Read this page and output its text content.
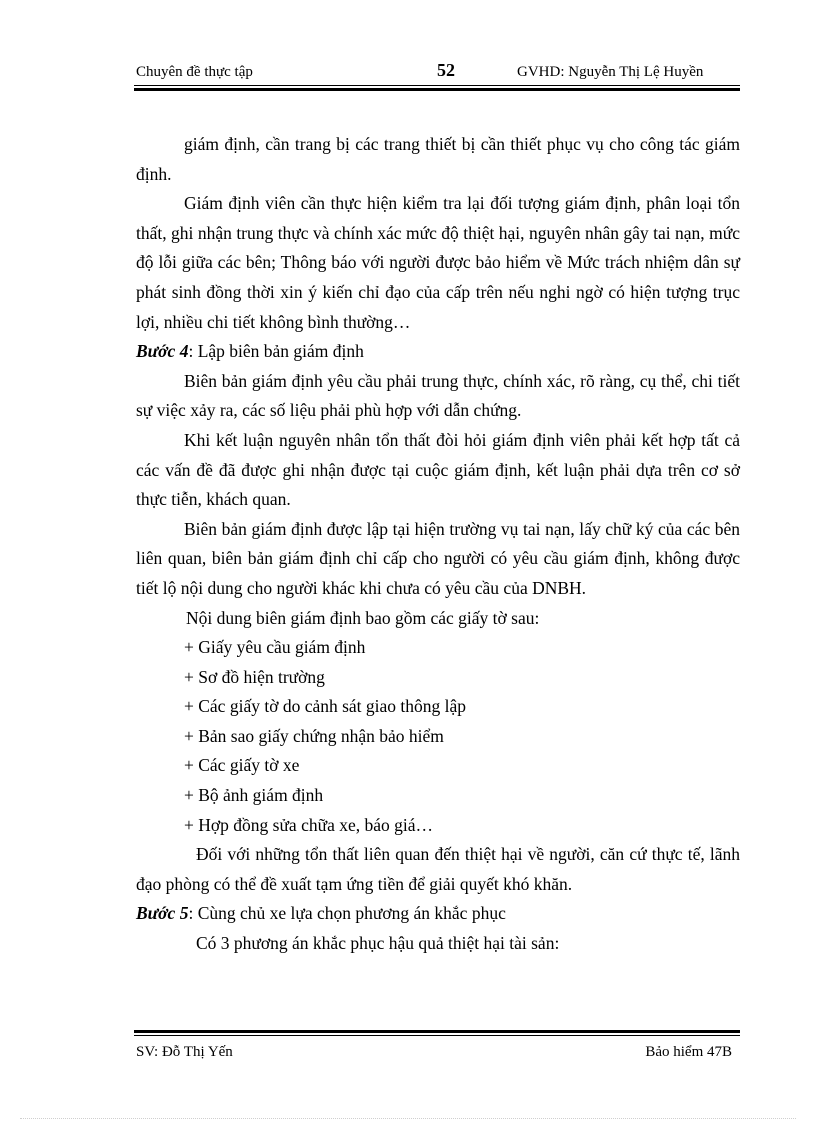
Chuyên đề thực tập	52	GVHD: Nguyễn Thị Lệ Huyền

giám định, cần trang bị các trang thiết bị cần thiết phục vụ cho công tác giám định.

Giám định viên cần thực hiện kiểm tra lại đối tượng giám định, phân loại tổn thất, ghi nhận trung thực và chính xác mức độ thiệt hại, nguyên nhân gây tai nạn, mức độ lỗi giữa các bên; Thông báo với người được bảo hiểm về Mức trách nhiệm dân sự phát sinh đồng thời xin ý kiến chỉ đạo của cấp trên nếu nghi ngờ có hiện tượng trục lợi, nhiều chi tiết không bình thường…

Bước 4: Lập biên bản giám định

Biên bản giám định yêu cầu phải trung thực, chính xác, rõ ràng, cụ thể, chi tiết sự việc xảy ra, các số liệu phải phù hợp với dẫn chứng.

Khi kết luận nguyên nhân tổn thất đòi hỏi giám định viên phải kết hợp tất cả các vấn đề đã được ghi nhận được tại cuộc giám định, kết luận phải dựa trên cơ sở thực tiễn, khách quan.

Biên bản giám định được lập tại hiện trường vụ tai nạn, lấy chữ ký của các bên liên quan, biên bản giám định chỉ cấp cho người có yêu cầu giám định, không được tiết lộ nội dung cho người khác khi chưa có yêu cầu của DNBH.

Nội dung biên giám định bao gồm các giấy tờ sau:

+ Giấy yêu cầu giám định

+ Sơ đồ hiện trường

+ Các giấy tờ do cảnh sát giao thông lập

+ Bản sao giấy chứng nhận bảo hiểm

+ Các giấy tờ xe

+ Bộ ảnh giám định

+ Hợp đồng sửa chữa xe, báo giá…

Đối với những tổn thất liên quan đến thiệt hại về người, căn cứ thực tế, lãnh đạo phòng có thể đề xuất tạm ứng tiền để giải quyết khó khăn.

Bước 5: Cùng chủ xe lựa chọn phương án khắc phục

Có 3 phương án khắc phục hậu quả thiệt hại tài sản:

SV: Đỗ Thị Yến	Bảo hiểm 47B
